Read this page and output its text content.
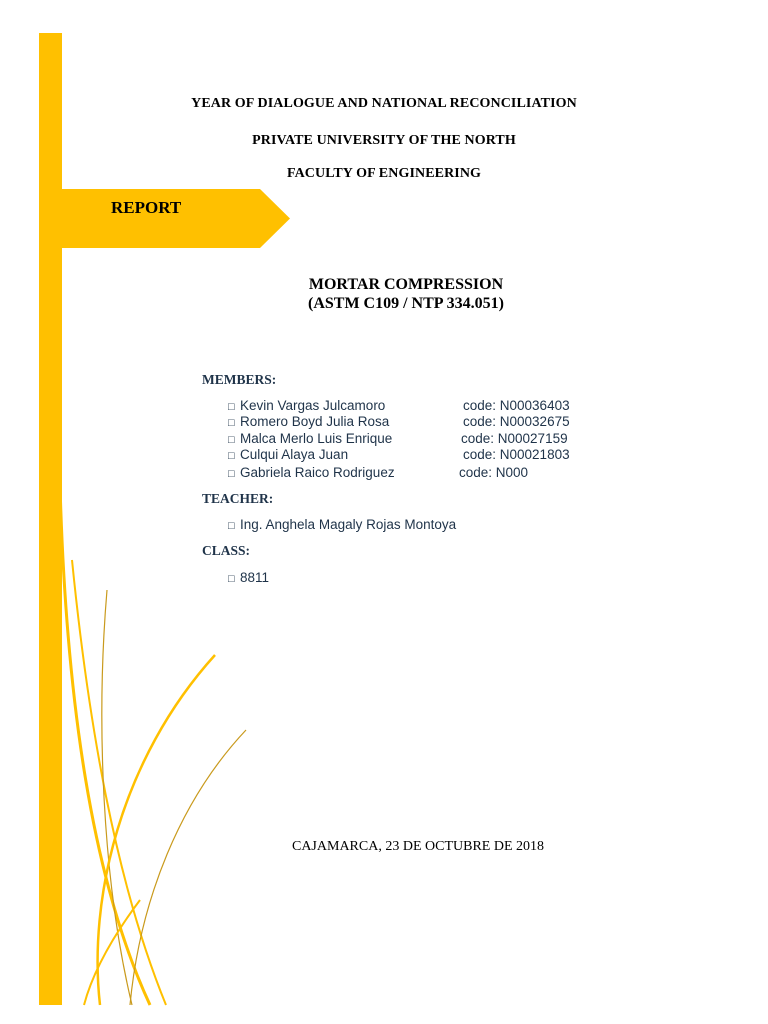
REPORT
YEAR OF DIALOGUE AND NATIONAL RECONCILIATION
PRIVATE UNIVERSITY OF THE NORTH
FACULTY OF ENGINEERING
MORTAR COMPRESSION
(ASTM C109 / NTP 334.051)
MEMBERS:
□ Kevin Vargas Julcamoro	code: N00036403
□ Romero Boyd Julia Rosa	code: N00032675
□ Malca Merlo Luis Enrique	code: N00027159
□ Culqui Alaya Juan	code: N00021803
□ Gabriela Raico Rodriguez	code: N000
TEACHER:
□ Ing. Anghela Magaly Rojas Montoya
CLASS:
□ 8811
CAJAMARCA, 23 DE OCTUBRE DE 2018
